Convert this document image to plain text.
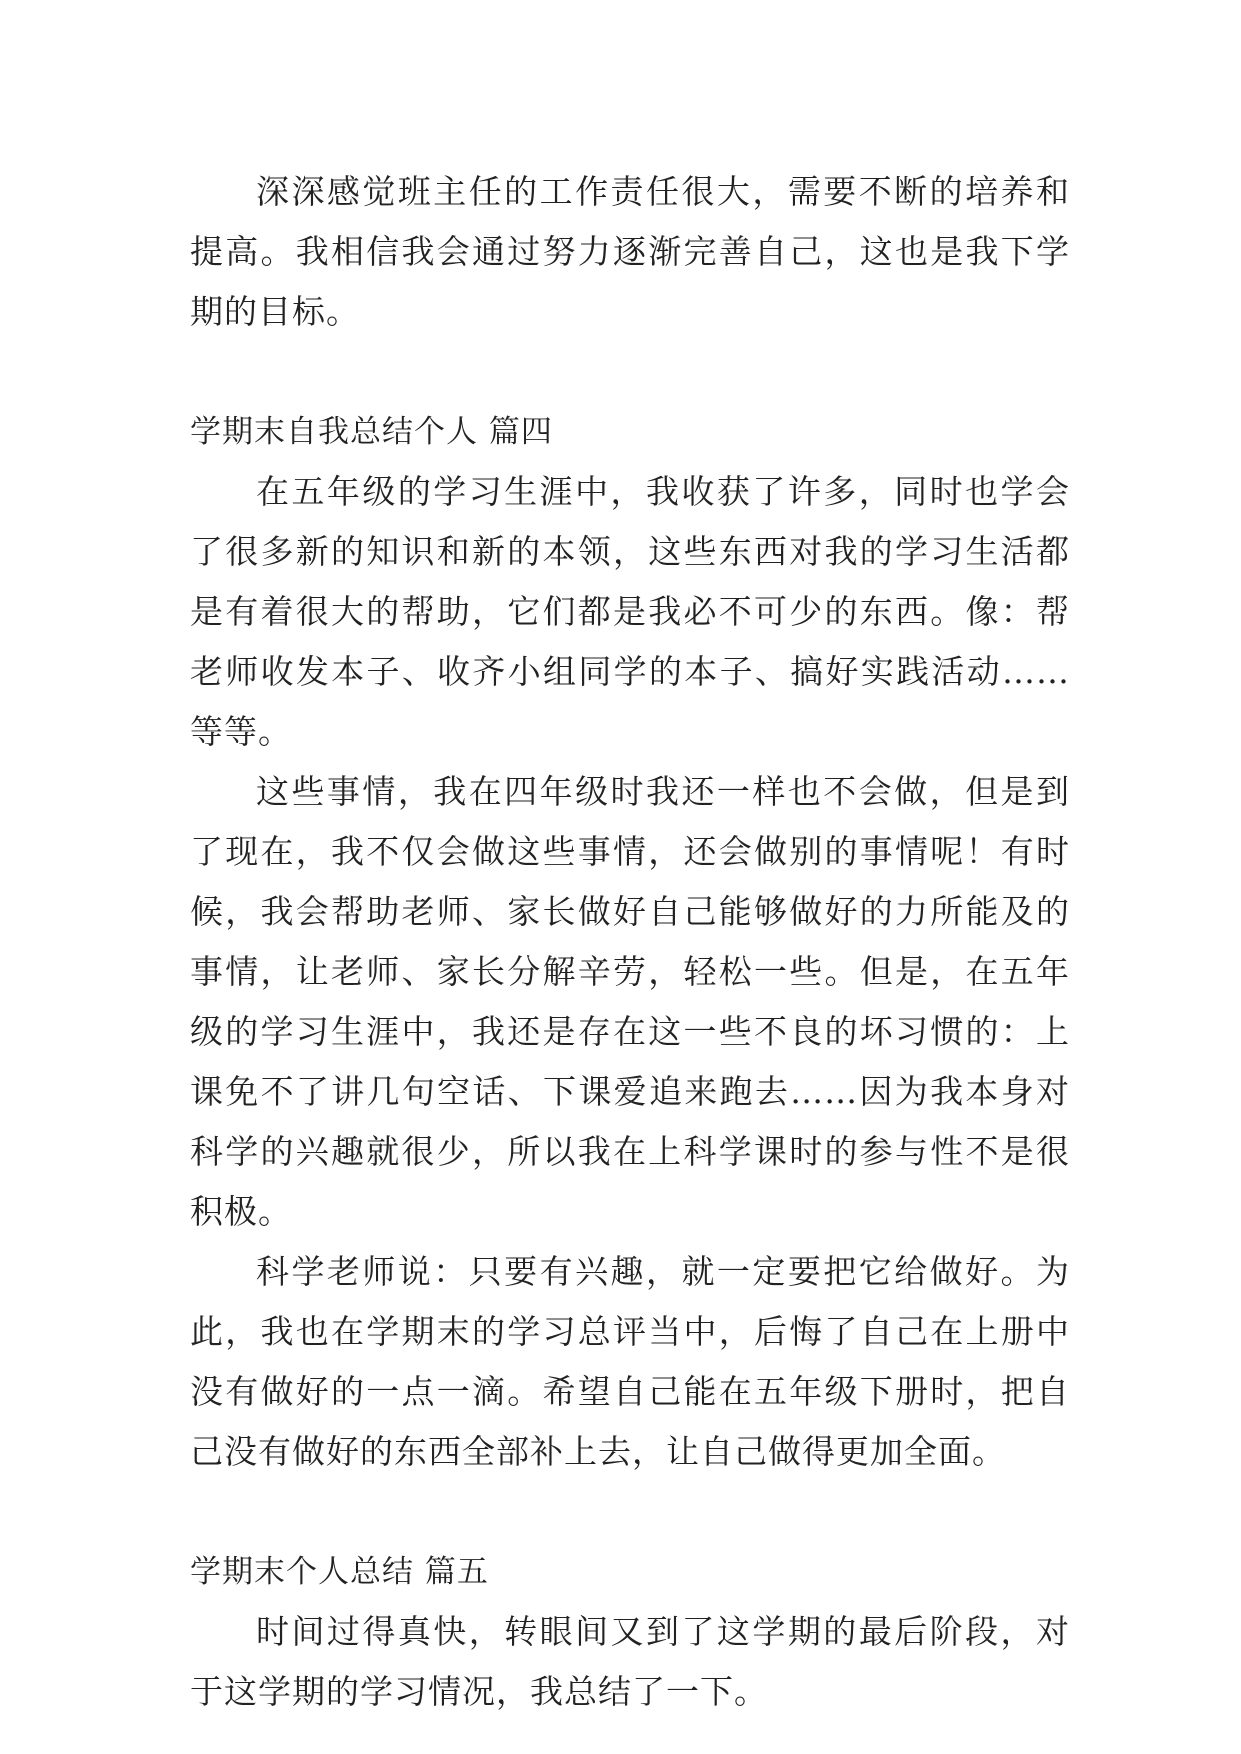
深深感觉班主任的工作责任很大，需要不断的培养和提高。我相信我会通过努力逐渐完善自己，这也是我下学期的目标。

学期末自我总结个人 篇四

在五年级的学习生涯中，我收获了许多，同时也学会了很多新的知识和新的本领，这些东西对我的学习生活都是有着很大的帮助，它们都是我必不可少的东西。像：帮老师收发本子、收齐小组同学的本子、搞好实践活动……等等。

这些事情，我在四年级时我还一样也不会做，但是到了现在，我不仅会做这些事情，还会做别的事情呢！有时候，我会帮助老师、家长做好自己能够做好的力所能及的事情，让老师、家长分解辛劳，轻松一些。但是，在五年级的学习生涯中，我还是存在这一些不良的坏习惯的：上课免不了讲几句空话、下课爱追来跑去……因为我本身对科学的兴趣就很少，所以我在上科学课时的参与性不是很积极。

科学老师说：只要有兴趣，就一定要把它给做好。为此，我也在学期末的学习总评当中，后悔了自己在上册中没有做好的一点一滴。希望自己能在五年级下册时，把自己没有做好的东西全部补上去，让自己做得更加全面。

学期末个人总结 篇五

时间过得真快，转眼间又到了这学期的最后阶段，对于这学期的学习情况，我总结了一下。
